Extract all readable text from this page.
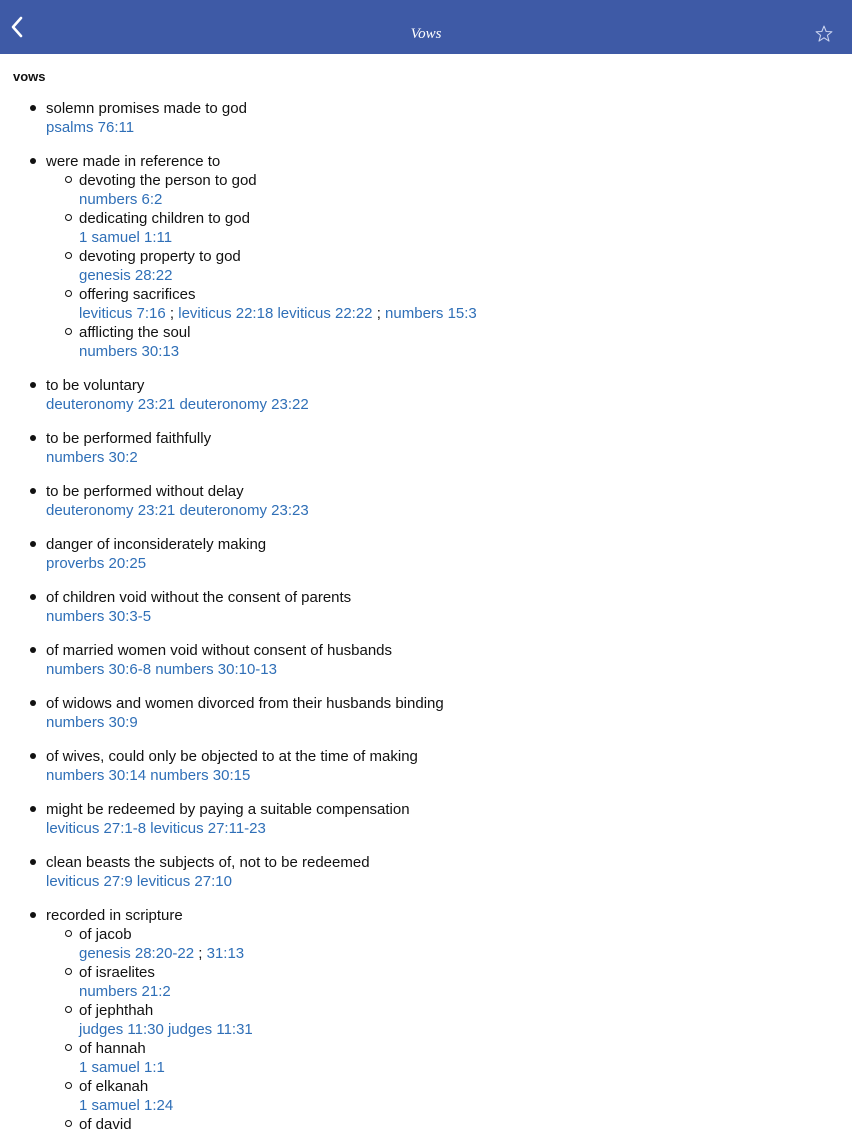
Vows
vows
solemn promises made to god
psalms 76:11
were made in reference to
devoting the person to god
numbers 6:2
dedicating children to god
1 samuel 1:11
devoting property to god
genesis 28:22
offering sacrifices
leviticus 7:16 ; leviticus 22:18 leviticus 22:22 ; numbers 15:3
afflicting the soul
numbers 30:13
to be voluntary
deuteronomy 23:21 deuteronomy 23:22
to be performed faithfully
numbers 30:2
to be performed without delay
deuteronomy 23:21 deuteronomy 23:23
danger of inconsiderately making
proverbs 20:25
of children void without the consent of parents
numbers 30:3-5
of married women void without consent of husbands
numbers 30:6-8 numbers 30:10-13
of widows and women divorced from their husbands binding
numbers 30:9
of wives, could only be objected to at the time of making
numbers 30:14 numbers 30:15
might be redeemed by paying a suitable compensation
leviticus 27:1-8 leviticus 27:11-23
clean beasts the subjects of, not to be redeemed
leviticus 27:9 leviticus 27:10
recorded in scripture
of jacob
genesis 28:20-22 ; 31:13
of israelites
numbers 21:2
of jephthah
judges 11:30 judges 11:31
of hannah
1 samuel 1:1
of elkanah
1 samuel 1:24
of david
